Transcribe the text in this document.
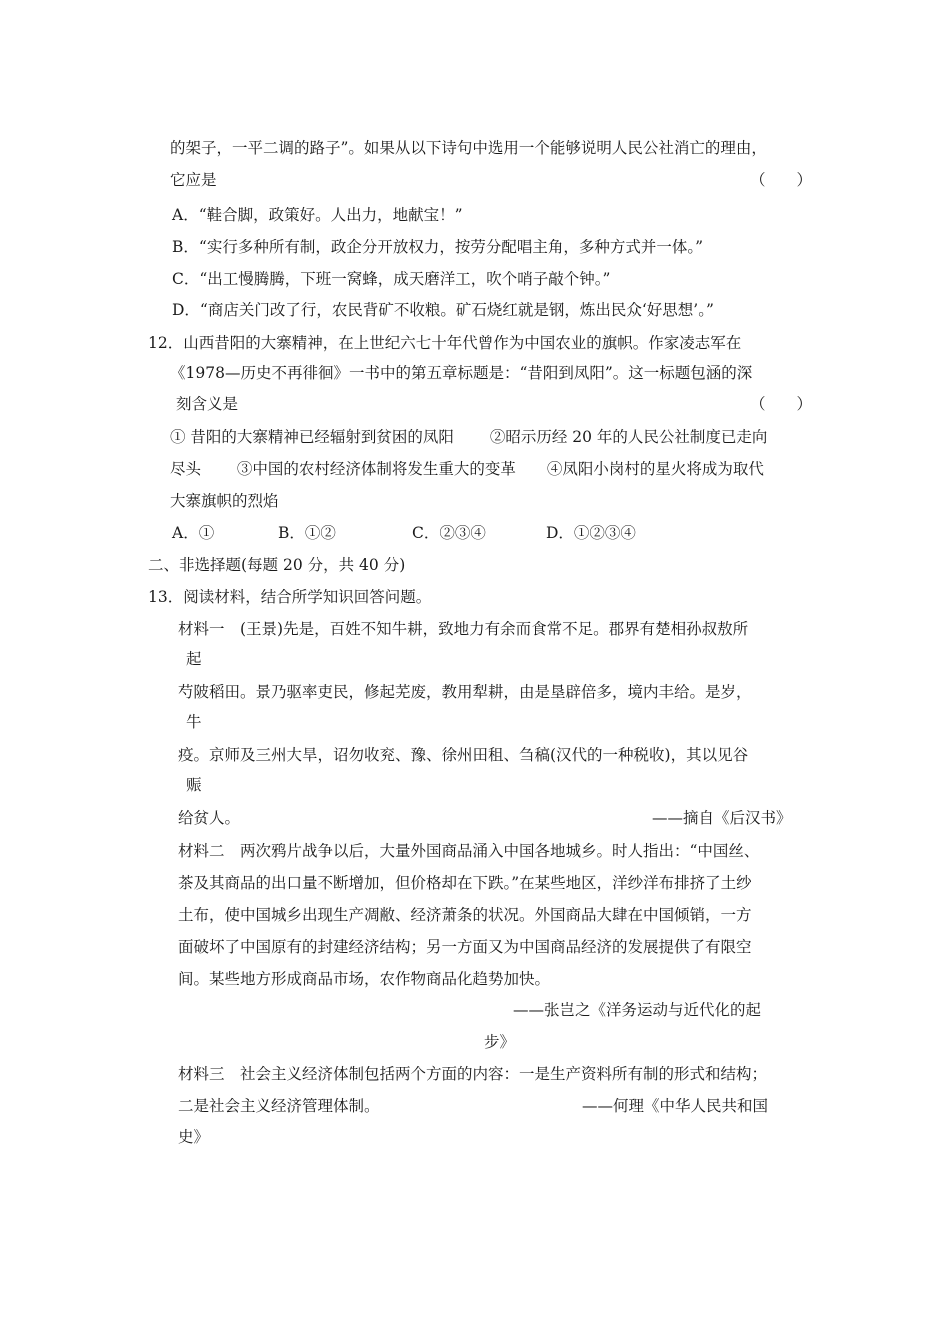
的架子，一平二调的路子”。如果从以下诗句中选用一个能够说明人民公社消亡的理由，
它应是	（　　）
A．“鞋合脚，政策好。人出力，地献宝！”
B．“实行多种所有制，政企分开放权力，按劳分配唱主角，多种方式并一体。”
C．“出工慢腾腾，下班一窝蜂，成天磨洋工，吹个哨子敲个钟。”
D．“商店关门改了行，农民背矿不收粮。矿石烧红就是钢，炼出民众‘好思想’。”
12．山西昔阳的大寨精神，在上世纪六七十年代曾作为中国农业的旗帜。作家凌志军在
《1978—历史不再徘徊》一书中的第五章标题是：“昔阳到凤阳”。这一标题包涵的深
刻含义是	（　　）
① 昔阳的大寨精神已经辐射到贫困的凤阳　　 ②昭示历经 20 年的人民公社制度已走向
尽头　　 ③中国的农村经济体制将发生重大的变革　　④凤阳小岗村的星火将成为取代
大寨旗帜的烈焰
A．①	B．①②	C．②③④	D．①②③④
二、非选择题(每题 20 分，共 40 分)
13．阅读材料，结合所学知识回答问题。
材料一　(王景)先是，百姓不知牛耕，致地力有余而食常不足。郡界有楚相孙叔敖所
起
芍陂稻田。景乃驱率吏民，修起芜废，教用犁耕，由是垦辟倍多，境内丰给。是岁，
牛
疫。京师及三州大旱，诏勿收兖、豫、徐州田租、刍稿(汉代的一种税收)，其以见谷
赈
给贫人。	——摘自《后汉书》
材料二　两次鸦片战争以后，大量外国商品涌入中国各地城乡。时人指出：“中国丝、
茶及其商品的出口量不断增加，但价格却在下跌。”在某些地区，洋纱洋布排挤了土纱
土布，使中国城乡出现生产凋敝、经济萧条的状况。外国商品大肆在中国倾销，一方
面破坏了中国原有的封建经济结构；另一方面又为中国商品经济的发展提供了有限空
间。某些地方形成商品市场，农作物商品化趋势加快。
——张岂之《洋务运动与近代化的起
步》
材料三　社会主义经济体制包括两个方面的内容：一是生产资料所有制的形式和结构；
二是社会主义经济管理体制。	——何理《中华人民共和国
史》
